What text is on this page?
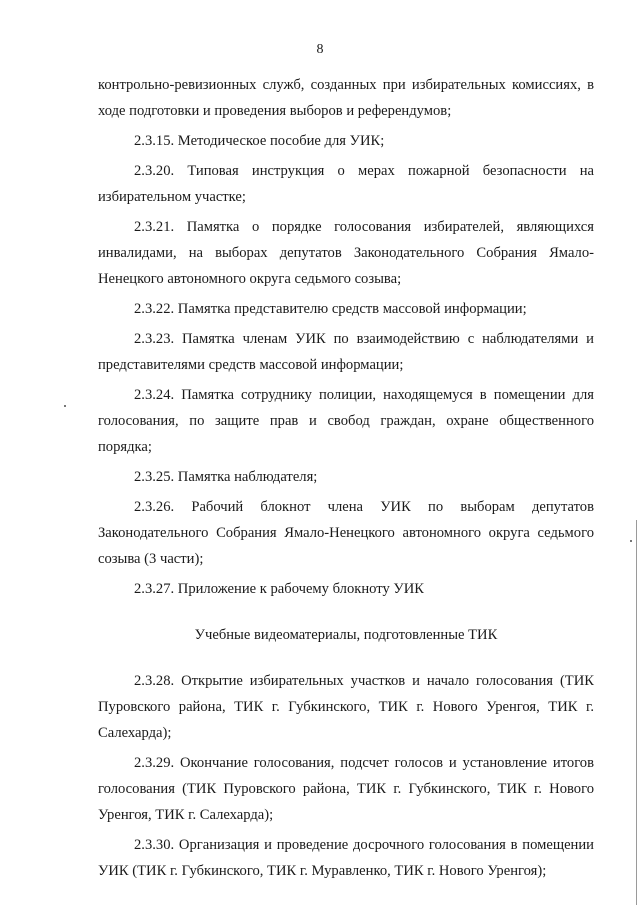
8

контрольно-ревизионных служб, созданных при избирательных комиссиях, в ходе подготовки и проведения выборов и референдумов;

2.3.15. Методическое пособие для УИК;

2.3.20. Типовая инструкция о мерах пожарной безопасности на избирательном участке;

2.3.21. Памятка о порядке голосования избирателей, являющихся инвалидами, на выборах депутатов Законодательного Собрания Ямало-Ненецкого автономного округа седьмого созыва;

2.3.22. Памятка представителю средств массовой информации;

2.3.23. Памятка членам УИК по взаимодействию с наблюдателями и представителями средств массовой информации;

2.3.24. Памятка сотруднику полиции, находящемуся в помещении для голосования, по защите прав и свобод граждан, охране общественного порядка;

2.3.25. Памятка наблюдателя;

2.3.26. Рабочий блокнот члена УИК по выборам депутатов Законодательного Собрания Ямало-Ненецкого автономного округа седьмого созыва (3 части);

2.3.27. Приложение к рабочему блокноту УИК

Учебные видеоматериалы, подготовленные ТИК

2.3.28. Открытие избирательных участков и начало голосования (ТИК Пуровского района, ТИК г. Губкинского, ТИК г. Нового Уренгоя, ТИК г. Салехарда);

2.3.29. Окончание голосования, подсчет голосов и установление итогов голосования (ТИК Пуровского района, ТИК г. Губкинского, ТИК г. Нового Уренгоя, ТИК г. Салехарда);

2.3.30. Организация и проведение досрочного голосования в помещении УИК (ТИК г. Губкинского, ТИК г. Муравленко, ТИК г. Нового Уренгоя);
